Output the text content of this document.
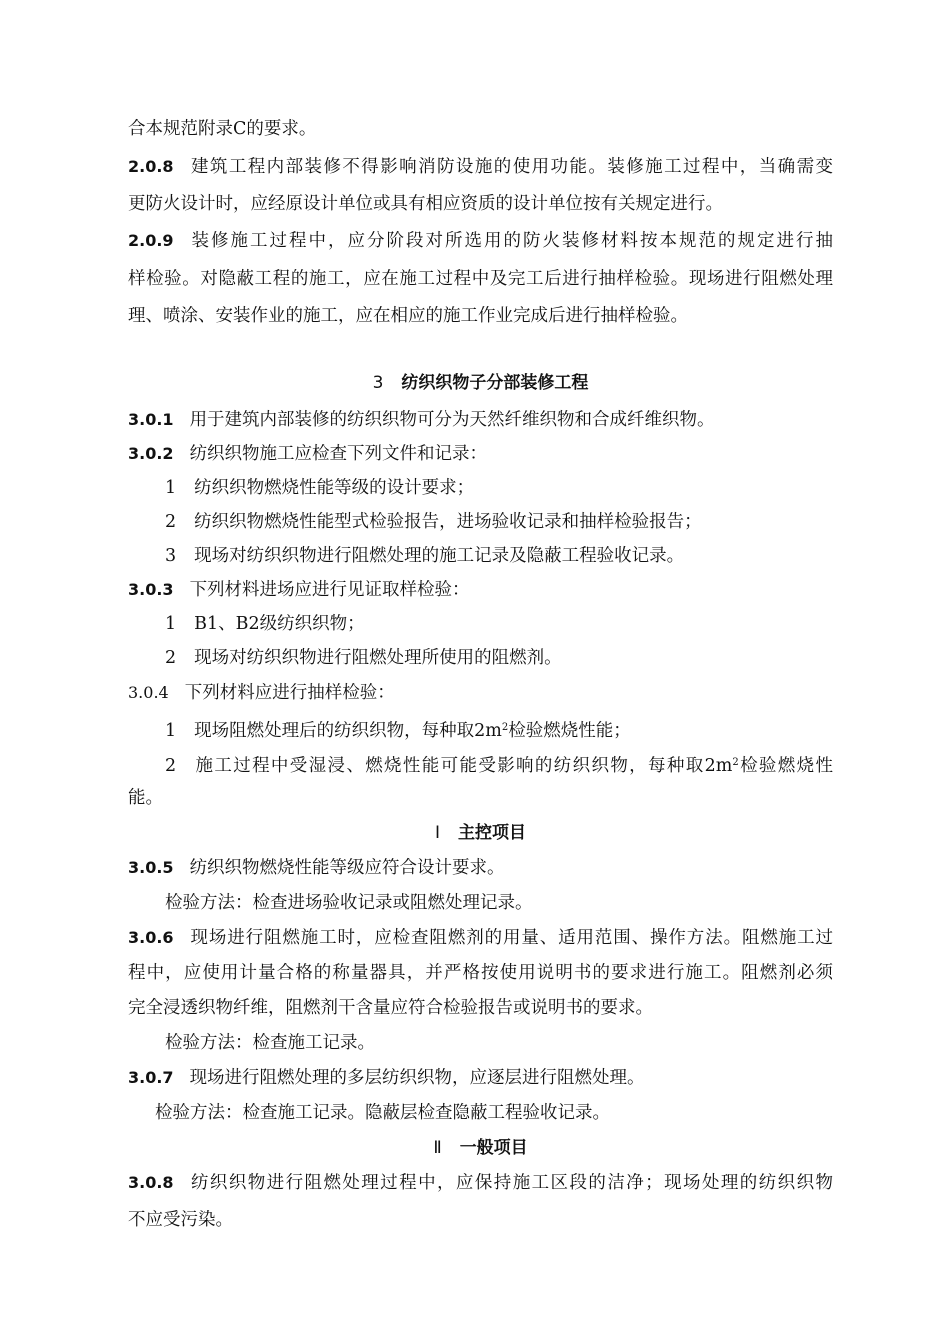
合本规范附录C的要求。

2.0.8 建筑工程内部装修不得影响消防设施的使用功能。装修施工过程中，当确需变

更防火设计时，应经原设计单位或具有相应资质的设计单位按有关规定进行。

2.0.9 装修施工过程中，应分阶段对所选用的防火装修材料按本规范的规定进行抽

样检验。对隐蔽工程的施工，应在施工过程中及完工后进行抽样检验。现场进行阻燃处理

理、喷涂、安装作业的施工，应在相应的施工作业完成后进行抽样检验。

3 纺织织物子分部装修工程

3.0.1 用于建筑内部装修的纺织织物可分为天然纤维织物和合成纤维织物。

3.0.2 纺织织物施工应检查下列文件和记录：

1 纺织织物燃烧性能等级的设计要求；

2 纺织织物燃烧性能型式检验报告，进场验收记录和抽样检验报告；

3 现场对纺织织物进行阻燃处理的施工记录及隐蔽工程验收记录。

3.0.3 下列材料进场应进行见证取样检验：

1 B1、B2级纺织织物；

2 现场对纺织织物进行阻燃处理所使用的阻燃剂。

3.0.4 下列材料应进行抽样检验：

1 现场阻燃处理后的纺织织物，每种取$2m^2$检验燃烧性能；

2 施工过程中受湿浸、燃烧性能可能受影响的纺织织物，每种取$2m^2$检验燃烧性

能。

Ⅰ 主控项目

3.0.5 纺织织物燃烧性能等级应符合设计要求。

检验方法：检查进场验收记录或阻燃处理记录。

3.0.6 现场进行阻燃施工时，应检查阻燃剂的用量、适用范围、操作方法。阻燃施工过

程中，应使用计量合格的称量器具，并严格按使用说明书的要求进行施工。阻燃剂必须

完全浸透织物纤维，阻燃剂干含量应符合检验报告或说明书的要求。

检验方法：检查施工记录。

3.0.7 现场进行阻燃处理的多层纺织织物，应逐层进行阻燃处理。

检验方法：检查施工记录。隐蔽层检查隐蔽工程验收记录。

Ⅱ 一般项目

3.0.8 纺织织物进行阻燃处理过程中，应保持施工区段的洁净；现场处理的纺织织物

不应受污染。
